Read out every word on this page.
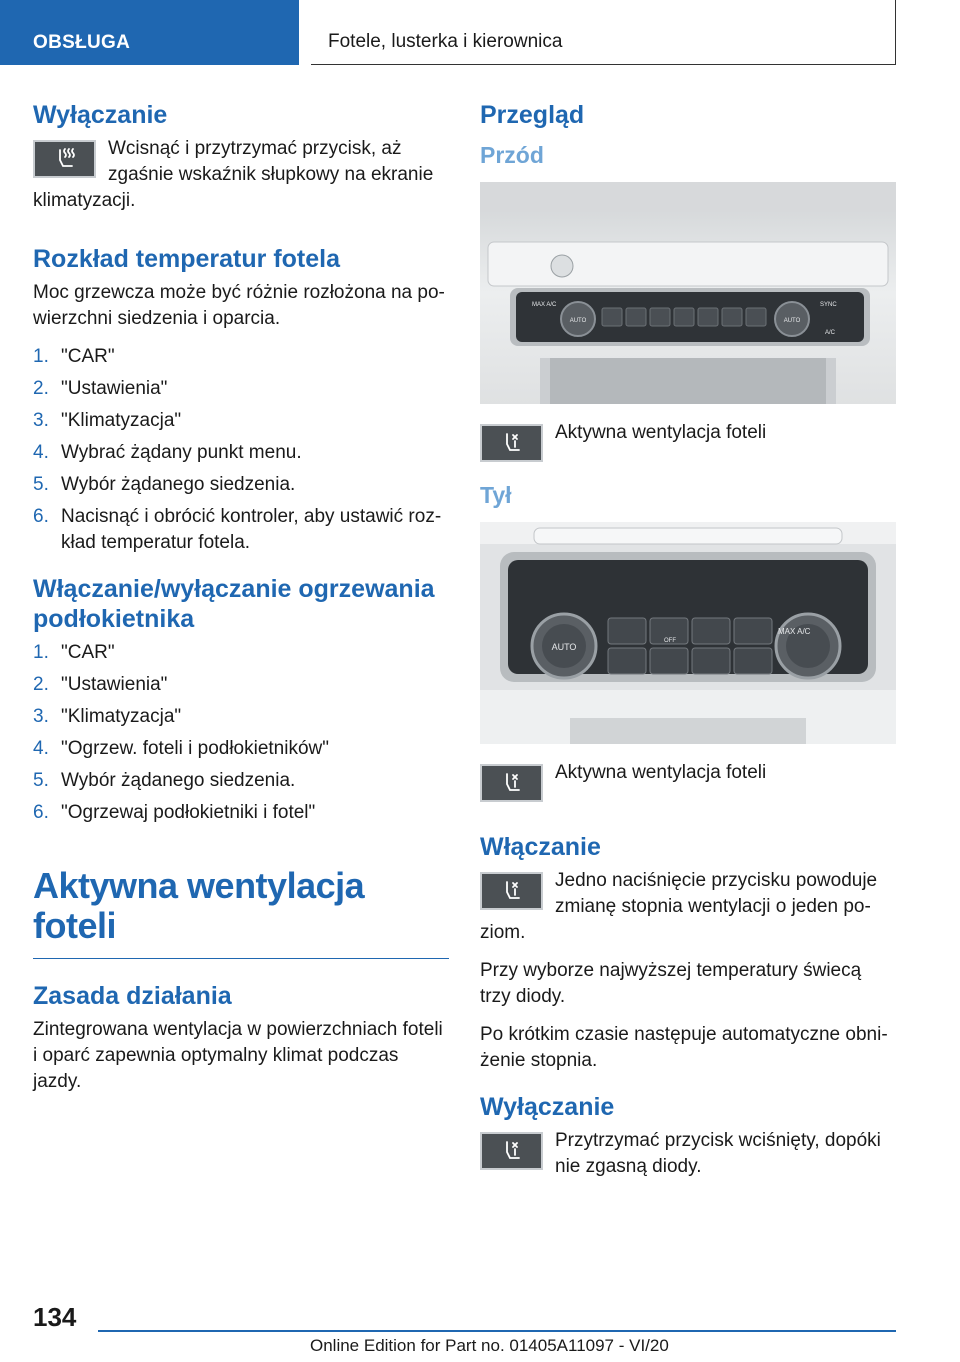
OBSŁUGA	Fotele, lusterka i kierownica
Wyłączanie
Wcisnąć i przytrzymać przycisk, aż zgaśnie wskaźnik słupkowy na ekranie klimatyzacji.
Rozkład temperatur fotela

Moc grzewcza może być różnie rozłożona na powierzchni siedzenia i oparcia.

1. "CAR"
2. "Ustawienia"
3. "Klimatyzacja"
4. Wybrać żądany punkt menu.
5. Wybór żądanego siedzenia.
6. Nacisnąć i obrócić kontroler, aby ustawić rozkład temperatur fotela.
Włączanie/wyłączanie ogrzewania podłokietnika
1. "CAR"
2. "Ustawienia"
3. "Klimatyzacja"
4. "Ogrzew. foteli i podłokietników"
5. Wybór żądanego siedzenia.
6. "Ogrzewaj podłokietniki i fotel"
Aktywna wentylacja foteli
Zasada działania

Zintegrowana wentylacja w powierzchniach foteli i oparć zapewnia optymalny klimat podczas jazdy.

Przegląd
Przód
AUTO	AUTO
MAX A/C	SYNC
A/C
Aktywna wentylacja foteli
Tył
AUTO
MAX A/C
OFF
Aktywna wentylacja foteli
Włączanie
Jedno naciśnięcie przycisku powoduje zmianę stopnia wentylacji o jeden poziom.

Przy wyborze najwyższej temperatury świecą trzy diody.

Po krótkim czasie następuje automatyczne obniżenie stopnia.

Wyłączanie
Przytrzymać przycisk wciśnięty, dopóki nie zgasną diody.
134
Online Edition for Part no. 01405A11097 - VI/20
